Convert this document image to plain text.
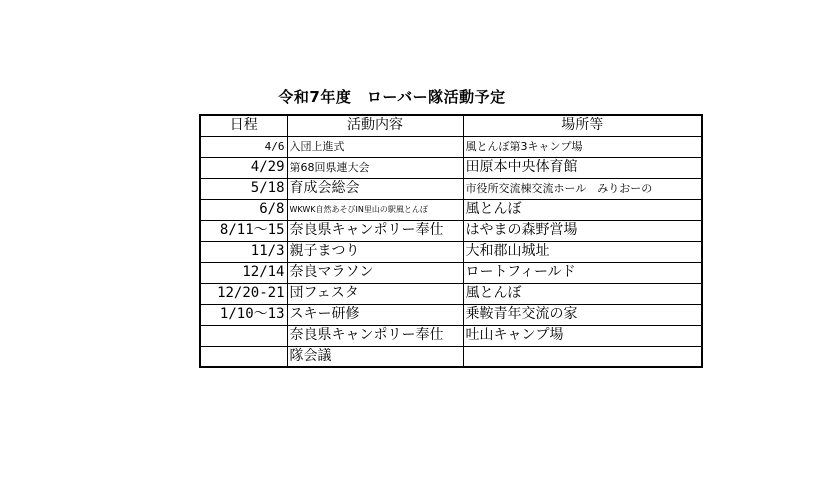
令和7年度　ローバー隊活動予定
日程	活動内容	場所等
4/6	入団上進式	風とんぼ第3キャンプ場
4/29	第68回県連大会	田原本中央体育館
5/18	育成会総会	市役所交流棟交流ホール　みりおーの
6/8	WKWK自然あそびIN里山の駅風とんぼ	風とんぼ
8/11～15	奈良県キャンポリー奉仕	はやまの森野営場
11/3	親子まつり	大和郡山城址
12/14	奈良マラソン	ロートフィールド
12/20-21	団フェスタ	風とんぼ
1/10～13	スキー研修	乗鞍青年交流の家
	奈良県キャンポリー奉仕	吐山キャンプ場
	隊会議	
